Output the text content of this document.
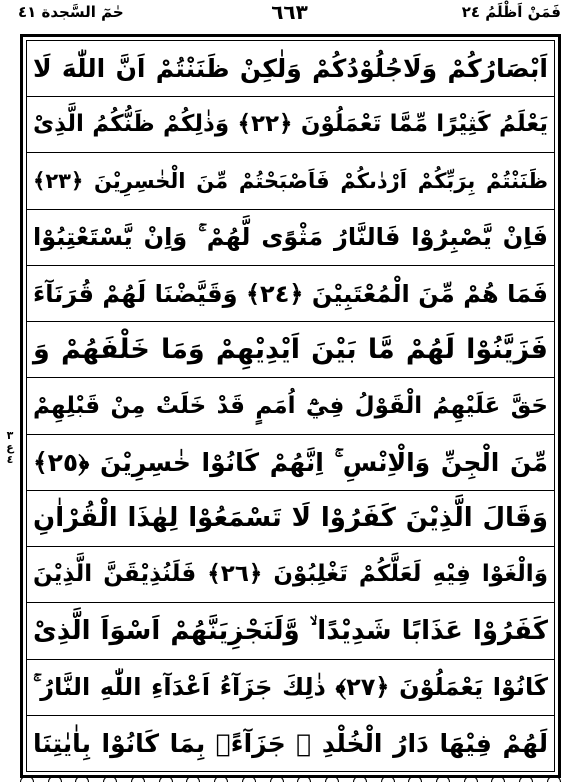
حٰمٓ السَّجدة ٤١	٦٦٣	فَمَنْ اَظْلَمُ ٢٤
٣ ع ٤
اَبْصَارُكُمْ وَلَاجُلُوْدُكُمْ وَلٰكِنْ ظَنَنْتُمْ اَنَّ اللّٰهَ لَا
يَعْلَمُ كَثِيْرًا مِّمَّا تَعْمَلُوْنَ ﴿٢٢﴾ وَذٰلِكُمْ ظَنُّكُمُ الَّذِىْ
ظَنَنْتُمْ بِرَبِّكُمْ اَرْدٰىكُمْ فَاَصْبَحْتُمْ مِّنَ الْخٰسِرِيْنَ ﴿٢٣﴾
فَاِنْ يَّصْبِرُوْا فَالنَّارُ مَثْوًى لَّهُمْ ۚ وَاِنْ يَّسْتَعْتِبُوْا
فَمَا هُمْ مِّنَ الْمُعْتَبِيْنَ ﴿٢٤﴾ وَقَيَّضْنَا لَهُمْ قُرَنَآءَ
فَزَيَّنُوْا لَهُمْ مَّا بَيْنَ اَيْدِيْهِمْ وَمَا خَلْفَهُمْ وَ
حَقَّ عَلَيْهِمُ الْقَوْلُ فِيْٓ اُمَمٍ قَدْ خَلَتْ مِنْ قَبْلِهِمْ
مِّنَ الْجِنِّ وَالْاِنْسِ ۚ اِنَّهُمْ كَانُوْا خٰسِرِيْنَ ﴿٢٥﴾
وَقَالَ الَّذِيْنَ كَفَرُوْا لَا تَسْمَعُوْا لِهٰذَا الْقُرْاٰنِ
وَالْغَوْا فِيْهِ لَعَلَّكُمْ تَغْلِبُوْنَ ﴿٢٦﴾ فَلَنُذِيْقَنَّ الَّذِيْنَ
كَفَرُوْا عَذَابًا شَدِيْدًا ۙ وَّلَنَجْزِيَنَّهُمْ اَسْوَاَ الَّذِىْ
كَانُوْا يَعْمَلُوْنَ ﴿٢٧﴾ ذٰلِكَ جَزَآءُ اَعْدَآءِ اللّٰهِ النَّارُ ۚ
لَهُمْ فِيْهَا دَارُ الْخُلْدِ ۚ جَزَآءًۢ بِمَا كَانُوْا بِاٰيٰتِنَا
